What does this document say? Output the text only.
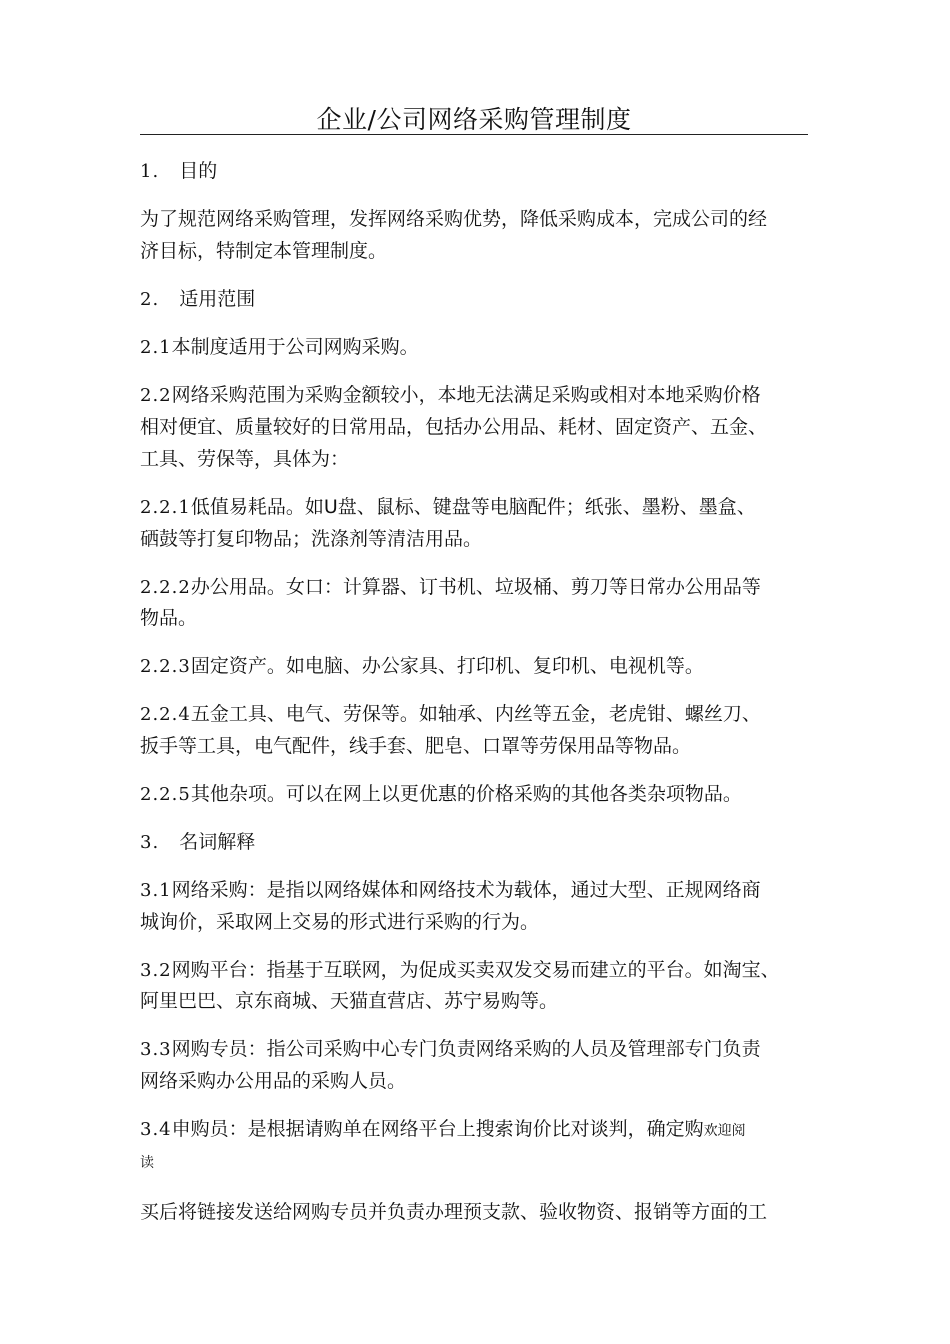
企业/公司网络采购管理制度
1. 目的
为了规范网络采购管理，发挥网络采购优势，降低采购成本，完成公司的经
济目标，特制定本管理制度。
2. 适用范围
2.1本制度适用于公司网购采购。
2.2网络采购范围为采购金额较小，本地无法满足采购或相对本地采购价格
相对便宜、质量较好的日常用品，包括办公用品、耗材、固定资产、五金、
工具、劳保等，具体为：
2.2.1低值易耗品。如U盘、鼠标、键盘等电脑配件；纸张、墨粉、墨盒、
硒鼓等打复印物品；洗涤剂等清洁用品。
2.2.2办公用品。女口：计算器、订书机、垃圾桶、剪刀等日常办公用品等
物品。
2.2.3固定资产。如电脑、办公家具、打印机、复印机、电视机等。
2.2.4五金工具、电气、劳保等。如轴承、内丝等五金，老虎钳、螺丝刀、
扳手等工具，电气配件，线手套、肥皂、口罩等劳保用品等物品。
2.2.5其他杂项。可以在网上以更优惠的价格采购的其他各类杂项物品。
3. 名词解释
3.1网络采购：是指以网络媒体和网络技术为载体，通过大型、正规网络商
城询价，采取网上交易的形式进行采购的行为。
3.2网购平台：指基于互联网，为促成买卖双发交易而建立的平台。如淘宝、
阿里巴巴、京东商城、天猫直营店、苏宁易购等。
3.3网购专员：指公司采购中心专门负责网络采购的人员及管理部专门负责
网络采购办公用品的采购人员。
3.4申购员：是根据请购单在网络平台上搜索询价比对谈判，确定购欢迎阅
读
买后将链接发送给网购专员并负责办理预支款、验收物资、报销等方面的工
